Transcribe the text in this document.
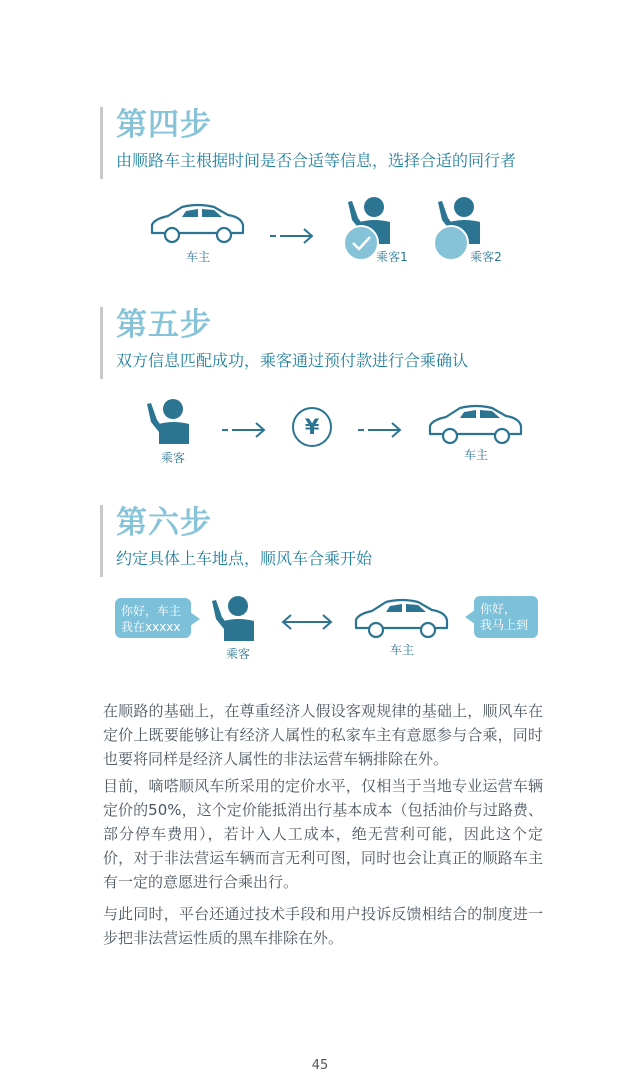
第四步
由顺路车主根据时间是否合适等信息，选择合适的同行者
车主	乘客1	乘客2
第五步
双方信息匹配成功，乘客通过预付款进行合乘确认
乘客
¥
车主
第六步
约定具体上车地点，顺风车合乘开始
你好，车主
我在xxxxx
乘客	车主
你好，
我马上到
在顺路的基础上，在尊重经济人假设客观规律的基础上，顺风车在定价上既要能够让有经济人属性的私家车主有意愿参与合乘，同时也要将同样是经济人属性的非法运营车辆排除在外。
目前，嘀嗒顺风车所采用的定价水平，仅相当于当地专业运营车辆定价的50%，这个定价能抵消出行基本成本（包括油价与过路费、部分停车费用），若计入人工成本，绝无营利可能，因此这个定价，对于非法营运车辆而言无利可图，同时也会让真正的顺路车主有一定的意愿进行合乘出行。
与此同时，平台还通过技术手段和用户投诉反馈相结合的制度进一步把非法营运性质的黑车排除在外。
45
